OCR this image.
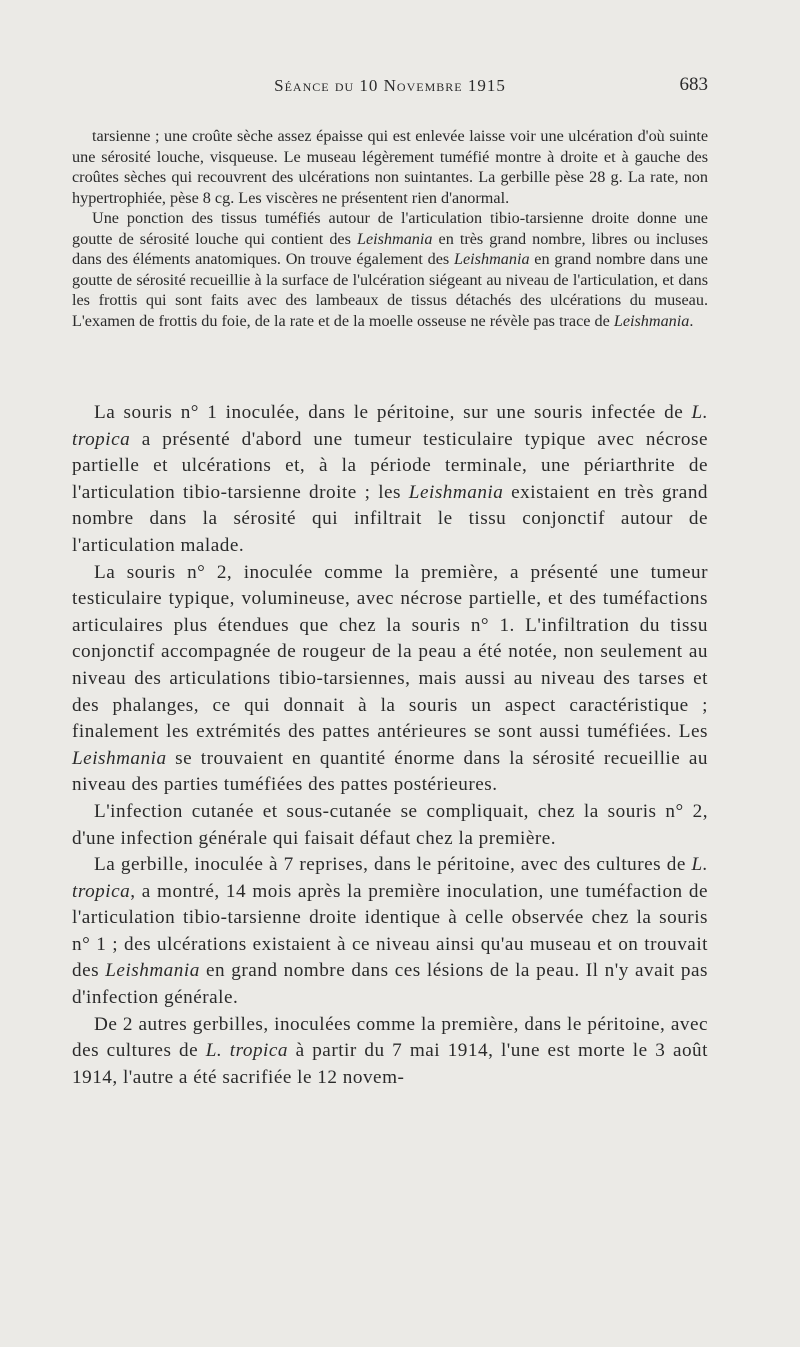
Séance du 10 Novembre 1915	683

tarsienne ; une croûte sèche assez épaisse qui est enlevée laisse voir une ulcération d'où suinte une sérosité louche, visqueuse. Le museau légèrement tuméfié montre à droite et à gauche des croûtes sèches qui recouvrent des ulcérations non suintantes. La gerbille pèse 28 g. La rate, non hypertrophiée, pèse 8 cg. Les viscères ne présentent rien d'anormal.

Une ponction des tissus tuméfiés autour de l'articulation tibio-tarsienne droite donne une goutte de sérosité louche qui contient des Leishmania en très grand nombre, libres ou incluses dans des éléments anatomiques. On trouve également des Leishmania en grand nombre dans une goutte de sérosité recueillie à la surface de l'ulcération siégeant au niveau de l'articulation, et dans les frottis qui sont faits avec des lambeaux de tissus détachés des ulcérations du museau. L'examen de frottis du foie, de la rate et de la moelle osseuse ne révèle pas trace de Leishmania.

La souris n° 1 inoculée, dans le péritoine, sur une souris infectée de L. tropica a présenté d'abord une tumeur testiculaire typique avec nécrose partielle et ulcérations et, à la période terminale, une périarthrite de l'articulation tibio-tarsienne droite ; les Leishmania existaient en très grand nombre dans la sérosité qui infiltrait le tissu conjonctif autour de l'articulation malade.

La souris n° 2, inoculée comme la première, a présenté une tumeur testiculaire typique, volumineuse, avec nécrose partielle, et des tuméfactions articulaires plus étendues que chez la souris n° 1. L'infiltration du tissu conjonctif accompagnée de rougeur de la peau a été notée, non seulement au niveau des articulations tibio-tarsiennes, mais aussi au niveau des tarses et des phalanges, ce qui donnait à la souris un aspect caractéristique ; finalement les extrémités des pattes antérieures se sont aussi tuméfiées. Les Leishmania se trouvaient en quantité énorme dans la sérosité recueillie au niveau des parties tuméfiées des pattes postérieures.

L'infection cutanée et sous-cutanée se compliquait, chez la souris n° 2, d'une infection générale qui faisait défaut chez la première.

La gerbille, inoculée à 7 reprises, dans le péritoine, avec des cultures de L. tropica, a montré, 14 mois après la première inoculation, une tuméfaction de l'articulation tibio-tarsienne droite identique à celle observée chez la souris n° 1 ; des ulcérations existaient à ce niveau ainsi qu'au museau et on trouvait des Leishmania en grand nombre dans ces lésions de la peau. Il n'y avait pas d'infection générale.

De 2 autres gerbilles, inoculées comme la première, dans le péritoine, avec des cultures de L. tropica à partir du 7 mai 1914, l'une est morte le 3 août 1914, l'autre a été sacrifiée le 12 novem-
